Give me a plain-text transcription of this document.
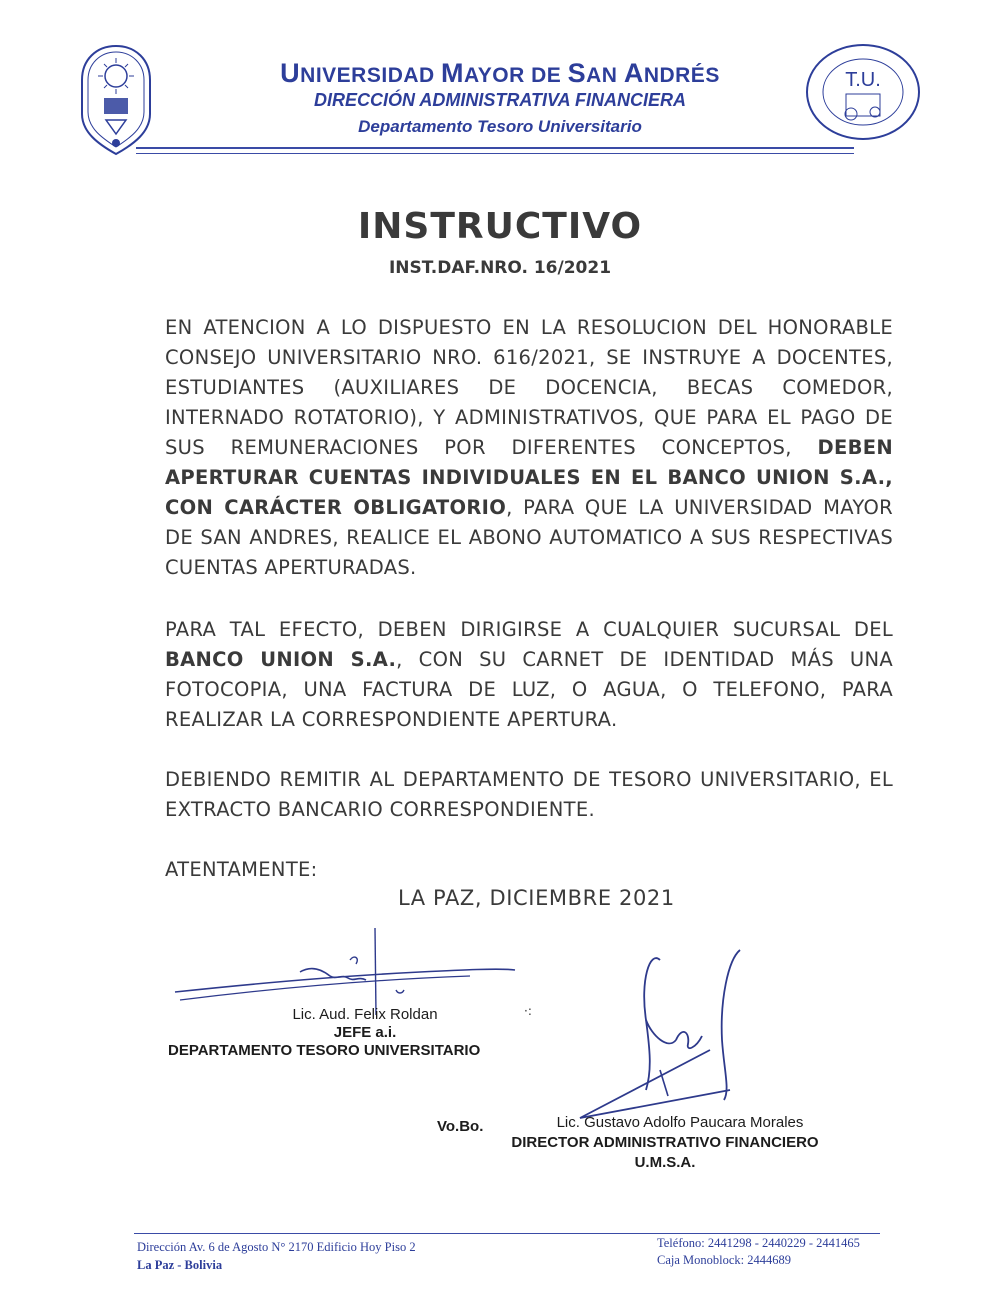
UNIVERSIDAD MAYOR DE SAN ANDRÉS
DIRECCIÓN ADMINISTRATIVA FINANCIERA
Departamento Tesoro Universitario
T.U.
INSTRUCTIVO
INST.DAF.NRO. 16/2021
EN ATENCION A LO DISPUESTO EN LA RESOLUCION DEL HONORABLE CONSEJO UNIVERSITARIO NRO. 616/2021, SE INSTRUYE A DOCENTES, ESTUDIANTES (AUXILIARES DE DOCENCIA, BECAS COMEDOR, INTERNADO ROTATORIO), Y ADMINISTRATIVOS, QUE PARA EL PAGO DE SUS REMUNERACIONES POR DIFERENTES CONCEPTOS, DEBEN APERTURAR CUENTAS INDIVIDUALES EN EL BANCO UNION S.A., CON CARÁCTER OBLIGATORIO, PARA QUE LA UNIVERSIDAD MAYOR DE SAN ANDRES, REALICE EL ABONO AUTOMATICO A SUS RESPECTIVAS CUENTAS APERTURADAS.
PARA TAL EFECTO, DEBEN DIRIGIRSE A CUALQUIER SUCURSAL DEL BANCO UNION S.A., CON SU CARNET DE IDENTIDAD MÁS UNA FOTOCOPIA, UNA FACTURA DE LUZ, O AGUA, O TELEFONO, PARA REALIZAR LA CORRESPONDIENTE APERTURA.
DEBIENDO REMITIR AL DEPARTAMENTO DE TESORO UNIVERSITARIO, EL EXTRACTO BANCARIO CORRESPONDIENTE.
ATENTAMENTE:
LA PAZ, DICIEMBRE 2021
Lic. Aud. Felix Roldan
JEFE a.i.
DEPARTAMENTO TESORO UNIVERSITARIO
·:
Vo.Bo.	Lic. Gustavo Adolfo Paucara Morales
DIRECTOR ADMINISTRATIVO FINANCIERO
U.M.S.A.
Dirección Av. 6 de Agosto N° 2170 Edificio Hoy Piso 2
La Paz - Bolivia
Teléfono: 2441298 - 2440229 - 2441465
Caja Monoblock: 2444689
